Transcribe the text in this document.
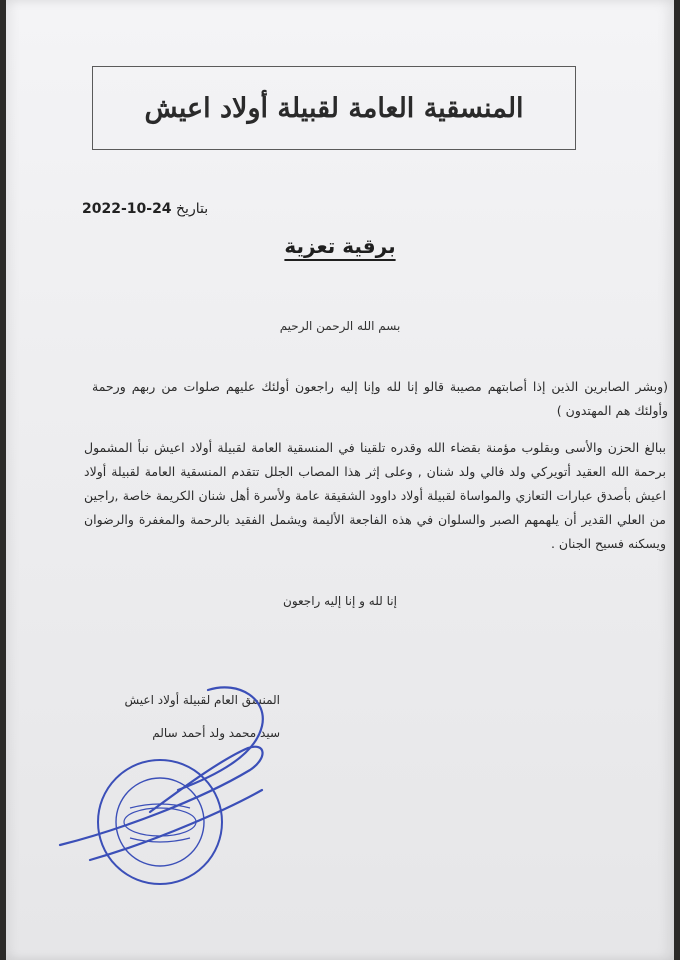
المنسقية العامة لقبيلة أولاد اعيش
بتاريخ 2022-10-24
برقية تعزية
بسم الله الرحمن الرحيم
(وبشر الصابرين الذين إذا أصابتهم مصيبة قالو إنا لله وإنا إليه راجعون أولئك عليهم صلوات من ربهم ورحمة وأولئك هم المهتدون )
ببالغ الحزن والأسى وبقلوب مؤمنة بقضاء الله وقدره تلقينا في المنسقية العامة لقبيلة أولاد اعيش نبأ المشمول برحمة الله العقيد أتويركي ولد فالي ولد شنان , وعلى إثر هذا المصاب الجلل تتقدم المنسقية العامة لقبيلة أولاد اعيش بأصدق عبارات التعازي والمواساة لقبيلة أولاد داوود الشقيقة عامة ولأسرة أهل شنان الكريمة خاصة ,راجين من العلي القدير أن يلهمهم الصبر والسلوان في هذه الفاجعة الأليمة ويشمل الفقيد بالرحمة والمغفرة والرضوان ويسكنه فسيح الجنان .
إنا لله و إنا إليه راجعون
المنسق العام لقبيلة أولاد اعيش
سيد محمد ولد أحمد سالم
